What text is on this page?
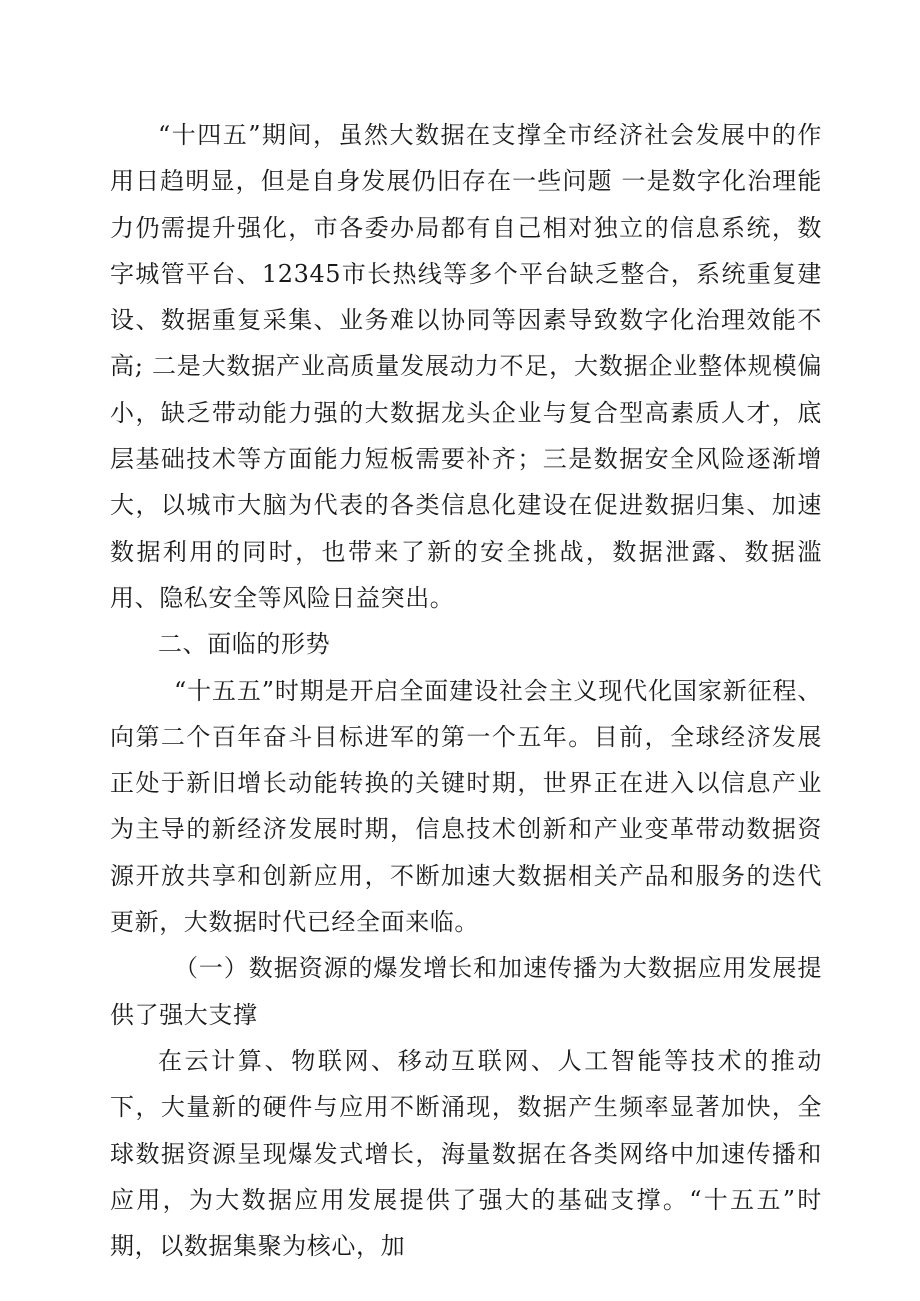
“十四五”期间，虽然大数据在支撑全市经济社会发展中的作用日趋明显，但是自身发展仍旧存在一些问题 一是数字化治理能力仍需提升强化，市各委办局都有自己相对独立的信息系统，数字城管平台、12345市长热线等多个平台缺乏整合，系统重复建设、数据重复采集、业务难以协同等因素导致数字化治理效能不高; 二是大数据产业高质量发展动力不足，大数据企业整体规模偏小，缺乏带动能力强的大数据龙头企业与复合型高素质人才，底层基础技术等方面能力短板需要补齐；三是数据安全风险逐渐增大，以城市大脑为代表的各类信息化建设在促进数据归集、加速数据利用的同时，也带来了新的安全挑战，数据泄露、数据滥用、隐私安全等风险日益突出。

二、面临的形势

“十五五”时期是开启全面建设社会主义现代化国家新征程、向第二个百年奋斗目标进军的第一个五年。目前，全球经济发展正处于新旧增长动能转换的关键时期，世界正在进入以信息产业为主导的新经济发展时期，信息技术创新和产业变革带动数据资源开放共享和创新应用，不断加速大数据相关产品和服务的迭代更新，大数据时代已经全面来临。

（一）数据资源的爆发增长和加速传播为大数据应用发展提供了强大支撑

在云计算、物联网、移动互联网、人工智能等技术的推动下，大量新的硬件与应用不断涌现，数据产生频率显著加快，全球数据资源呈现爆发式增长，海量数据在各类网络中加速传播和应用，为大数据应用发展提供了强大的基础支撑。“十五五”时期，以数据集聚为核心，加
